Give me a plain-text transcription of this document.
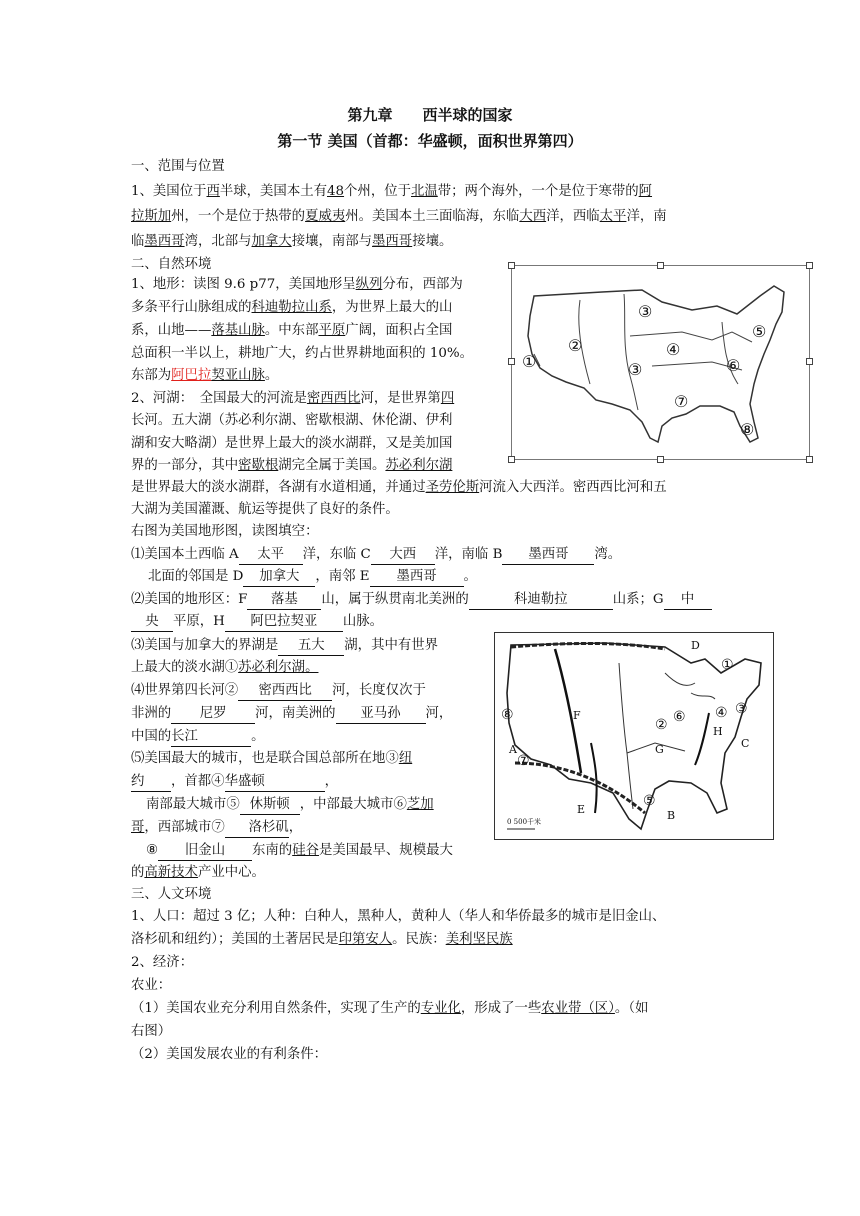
第九章　　西半球的国家
第一节 美国（首都：华盛顿，面积世界第四）
一、范围与位置
1、美国位于西半球，美国本土有48个州，位于北温带；两个海外，一个是位于寒带的阿
拉斯加州，一个是位于热带的夏威夷州。美国本土三面临海，东临大西洋，西临太平洋，南
临墨西哥湾，北部与加拿大接壤，南部与墨西哥接壤。
二、自然环境
1、地形：读图 9.6 p77，美国地形呈纵列分布，西部为
多条平行山脉组成的科迪勒拉山系，为世界上最大的山
系，山地——落基山脉。中东部平原广阔，面积占全国
总面积一半以上，耕地广大，约占世界耕地面积的 10%。
东部为阿巴拉契亚山脉。
2、河湖：　全国最大的河流是密西西比河，是世界第四
长河。五大湖（苏必利尔湖、密歇根湖、休伦湖、伊利
湖和安大略湖）是世界上最大的淡水湖群，又是美加国
界的一部分，其中密歇根湖完全属于美国。苏必利尔湖
是世界最大的淡水湖群，各湖有水道相通，并通过圣劳伦斯河流入大西洋。密西西比河和五
大湖为美国灌溉、航运等提供了良好的条件。
①
②
③
③
④
⑤
⑥
⑦
⑧
右图为美国地形图，读图填空：
⑴美国本土西临 A 太平 洋，东临 C 大西 洋，南临 B 墨西哥 湾。
北面的邻国是 D 加拿大 ，南邻 E 墨西哥 。
⑵美国的地形区：F 落基 山，属于纵贯南北美洲的	科迪勒拉	山系；G 中
央 平原，H 阿巴拉契亚 山脉。
⑶美国与加拿大的界湖是 五大 湖，其中有世界
上最大的淡水湖①苏必利尔湖。
⑷世界第四长河② 密西西比 河，长度仅次于
非洲的 尼罗 河，南美洲的 亚马孙 河，
中国的长江	。
⑸美国最大的城市，也是联合国总部所在地③纽
约 ，首都④华盛顿	，
南部最大城市⑤ 休斯顿 ，中部最大城市⑥芝加
哥，西部城市⑦ 洛杉矶，
⑧ 旧金山 东南的硅谷是美国最早、规模最大
的高新技术产业中心。
A
B
C
D
E
F
G
H
①
②
③
④
⑤
⑥
⑦
⑧
0 500千米
三、人文环境
1、人口：超过 3 亿；人种：白种人，黑种人，黄种人（华人和华侨最多的城市是旧金山、
洛杉矶和纽约）；美国的土著居民是印第安人。民族：美利坚民族
2、经济：
农业：
（1）美国农业充分利用自然条件，实现了生产的专业化，形成了一些农业带（区）。（如
右图）
（2）美国发展农业的有利条件：
